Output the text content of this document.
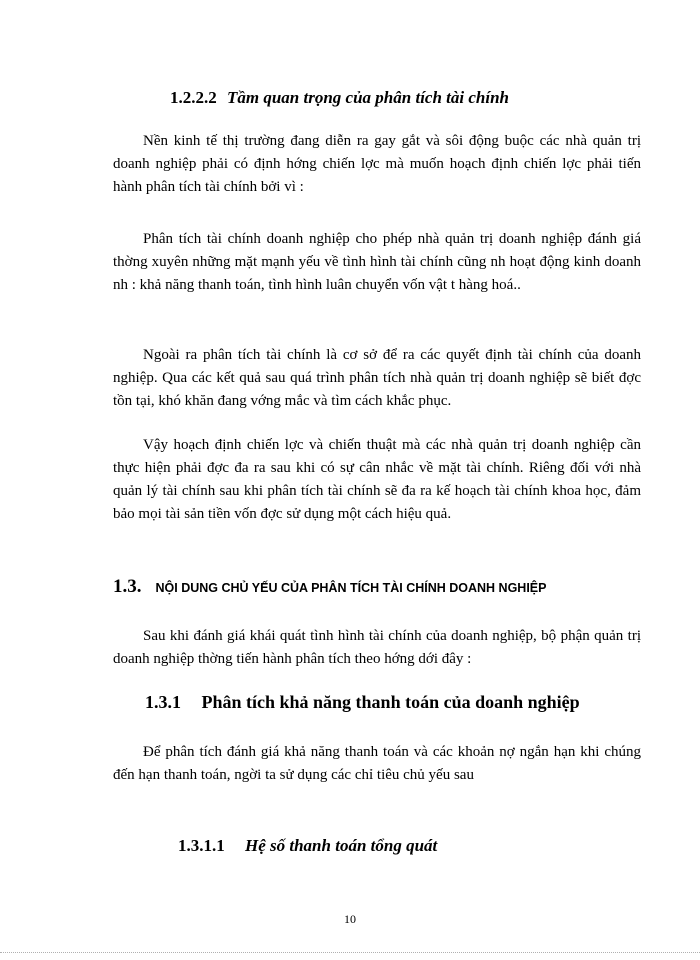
1.2.2.2 Tầm quan trọng của phân tích tài chính

Nền kinh tế thị trường đang diễn ra gay gắt và sôi động buộc các nhà quản trị doanh nghiệp phải có định hớng chiến lợc mà muốn hoạch định chiến lợc phải tiến hành phân tích tài chính bởi vì :

Phân tích tài chính doanh nghiệp cho phép nhà quản trị doanh nghiệp đánh giá thờng xuyên những mặt mạnh yếu về tình hình tài chính cũng nh hoạt động kinh doanh nh : khả năng thanh toán, tình hình luân chuyển vốn vật t hàng hoá..

Ngoài ra phân tích tài chính là cơ sở để ra các quyết định tài chính của doanh nghiệp. Qua các kết quả sau quá trình phân tích nhà quản trị doanh nghiệp sẽ biết đợc tồn tại, khó khăn đang vớng mắc và tìm cách khắc phục.

Vậy hoạch định chiến lợc và chiến thuật mà các nhà quản trị doanh nghiệp cần thực hiện phải đợc đa ra sau khi có sự cân nhắc về mặt tài chính. Riêng đối với nhà quản lý tài chính sau khi phân tích tài chính sẽ đa ra kế hoạch tài chính khoa học, đảm bảo mọi tài sản tiền vốn đợc sử dụng một cách hiệu quả.

1.3. NỘI DUNG CHỦ YẾU CỦA PHÂN TÍCH TÀI CHÍNH DOANH NGHIỆP

Sau khi đánh giá khái quát tình hình tài chính của doanh nghiệp, bộ phận quản trị doanh nghiệp thờng tiến hành phân tích theo hớng dới đây :

1.3.1 Phân tích khả năng thanh toán của doanh nghiệp

Để phân tích đánh giá khả năng thanh toán và các khoản nợ ngắn hạn khi chúng đến hạn thanh toán, ngời ta sử dụng các chỉ tiêu chủ yếu sau

1.3.1.1 Hệ số thanh toán tổng quát
10
